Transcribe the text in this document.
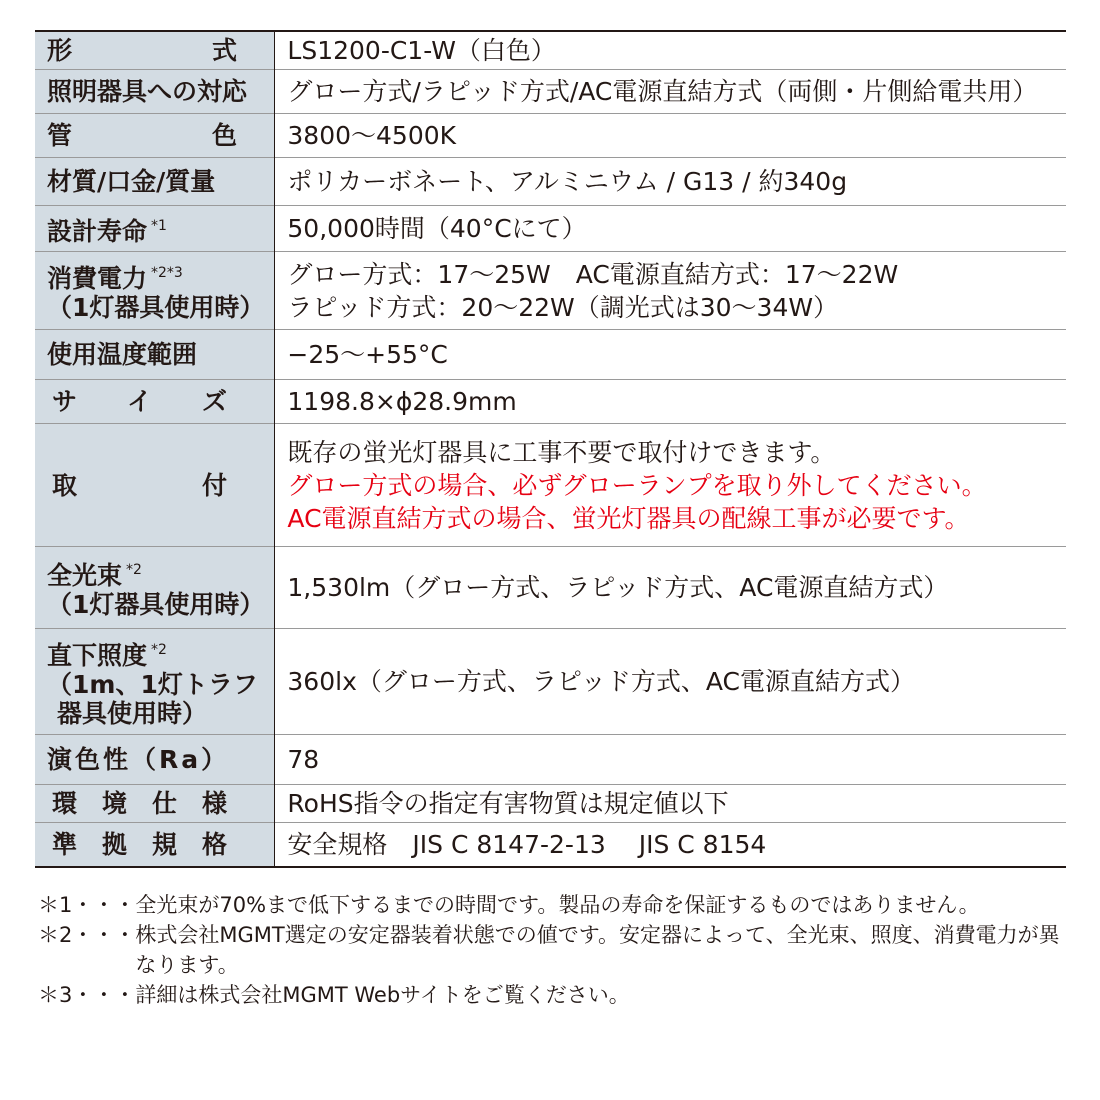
形 式	LS1200-C1-W（白色）
照明器具への対応	グロー方式/ラピッド方式/AC電源直結方式（両側・片側給電共用）

管 色	3800〜4500K
材質/口金/質量	ポリカーボネート、アルミニウム / G13 / 約340g
設計寿命 $^{*1}$	50,000時間（40°Cにて）

消費電力 $^{*2*3}$
（1灯器具使用時）	グロー方式：17〜25W　AC電源直結方式：17〜22W
ラピッド方式：20〜22W（調光式は30〜34W）

使用温度範囲	−25〜+55°C

サ イ ズ	1198.8×ϕ28.9mm

取 付	既存の蛍光灯器具に工事不要で取付けできます。
グロー方式の場合、必ずグローランプを取り外してください。
AC電源直結方式の場合、蛍光灯器具の配線工事が必要です。

全光束 $^{*2}$
（1灯器具使用時）	1,530lm（グロー方式、ラピッド方式、AC電源直結方式）

直下照度 $^{*2}$
（1m、1灯トラフ
器具使用時）	360lx（グロー方式、ラピッド方式、AC電源直結方式）
演色性（Ra）	78

環 境 仕 様	RoHS指令の指定有害物質は規定値以下

準 拠 規 格	安全規格　JIS C 8147-2-13　 JIS C 8154
＊1・・・ 全光束が70%まで低下するまでの時間です。製品の寿命を保証するものではありません。
＊2・・・ 株式会社MGMT選定の安定器装着状態での値です。安定器によって、全光束、照度、消費電力が異なります。
＊3・・・ 詳細は株式会社MGMT Webサイトをご覧ください。
